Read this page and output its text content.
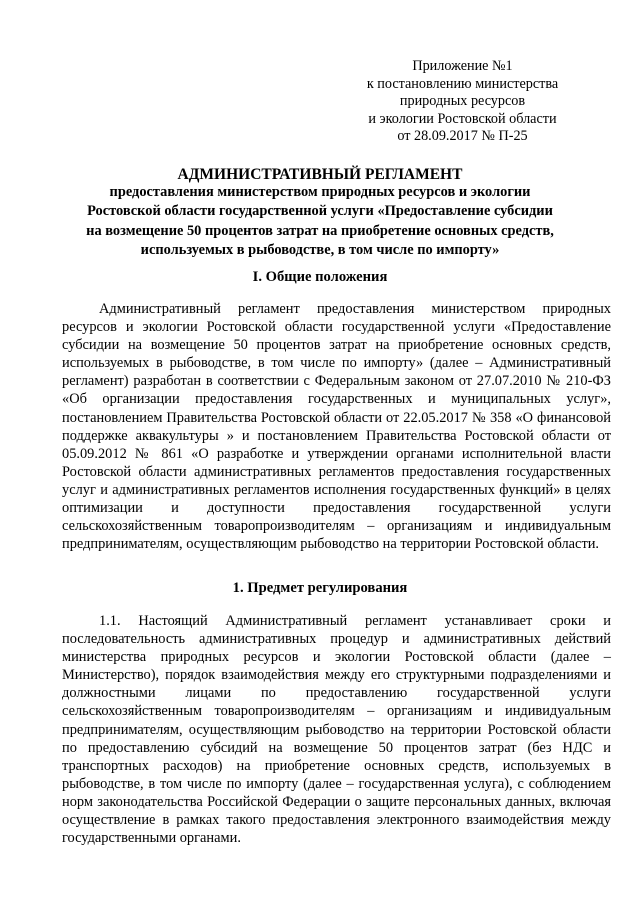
Приложение №1
к постановлению министерства
природных ресурсов
и экологии Ростовской области
от 28.09.2017 № П-25
АДМИНИСТРАТИВНЫЙ РЕГЛАМЕНТ
предоставления министерством природных ресурсов и экологии Ростовской области государственной услуги «Предоставление субсидии на возмещение 50 процентов затрат на приобретение основных средств, используемых в рыбоводстве, в том числе по импорту»
I. Общие положения
Административный регламент предоставления министерством природных ресурсов и экологии Ростовской области государственной услуги «Предоставление субсидии на возмещение 50 процентов затрат на приобретение основных средств, используемых в рыбоводстве, в том числе по импорту» (далее – Административный регламент) разработан в соответствии с Федеральным законом от 27.07.2010 № 210-ФЗ «Об организации предоставления государственных и муниципальных услуг», постановлением Правительства Ростовской области от 22.05.2017 № 358 «О финансовой поддержке аквакультуры » и постановлением Правительства Ростовской области от 05.09.2012 № 861 «О разработке и утверждении органами исполнительной власти Ростовской области административных регламентов предоставления государственных услуг и административных регламентов исполнения государственных функций» в целях оптимизации и доступности предоставления государственной услуги сельскохозяйственным товаропроизводителям – организациям и индивидуальным предпринимателям, осуществляющим рыбоводство на территории Ростовской области.
1. Предмет регулирования
1.1. Настоящий Административный регламент устанавливает сроки и последовательность административных процедур и административных действий министерства природных ресурсов и экологии Ростовской области (далее – Министерство), порядок взаимодействия между его структурными подразделениями и должностными лицами по предоставлению государственной услуги сельскохозяйственным товаропроизводителям – организациям и индивидуальным предпринимателям, осуществляющим рыбоводство на территории Ростовской области по предоставлению субсидий на возмещение 50 процентов затрат (без НДС и транспортных расходов) на приобретение основных средств, используемых в рыбоводстве, в том числе по импорту (далее – государственная услуга), с соблюдением норм законодательства Российской Федерации о защите персональных данных, включая осуществление в рамках такого предоставления электронного взаимодействия между государственными органами.
